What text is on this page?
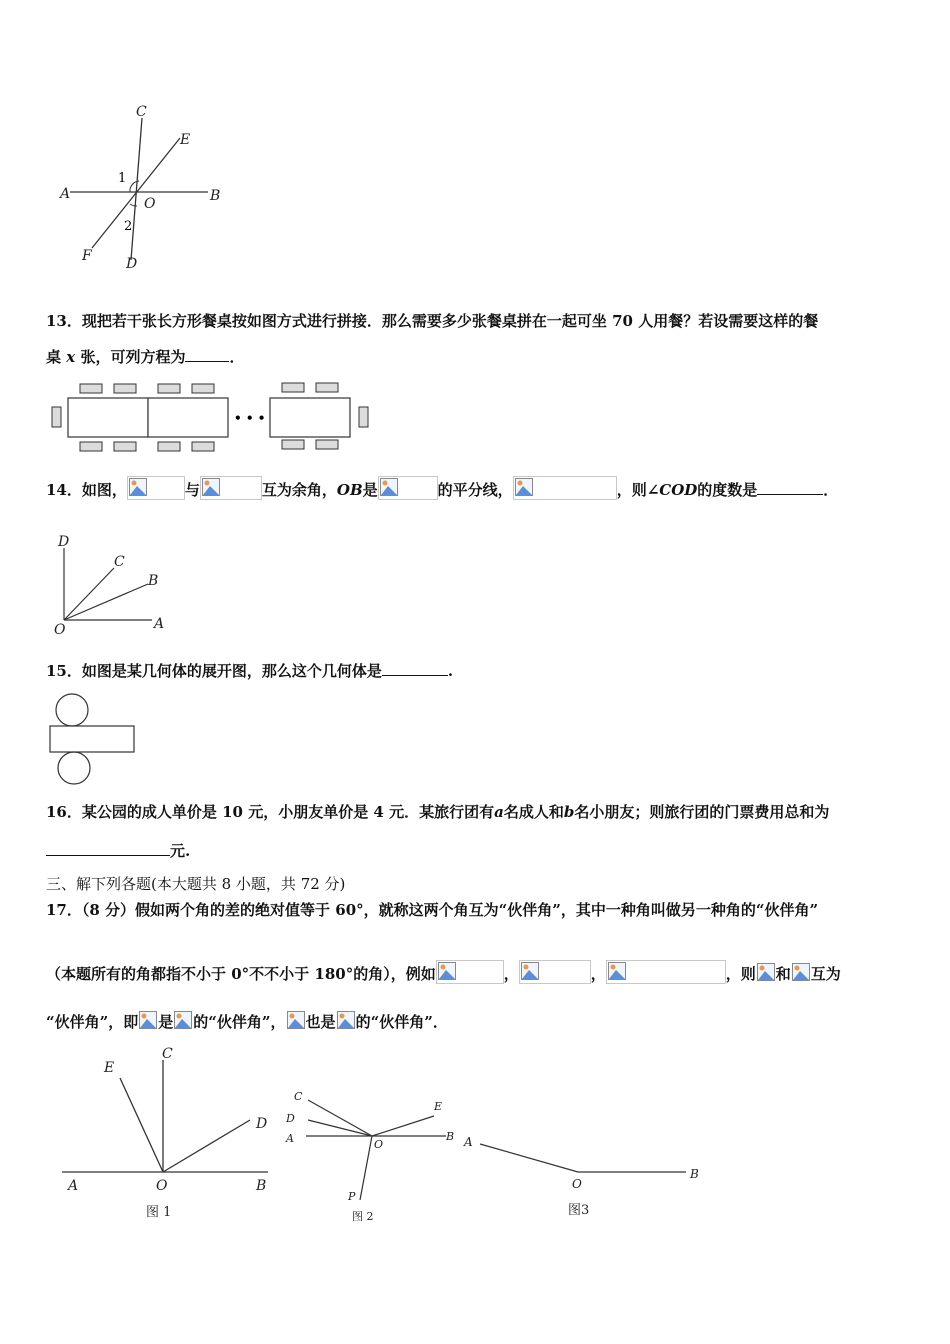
C
E
A	B
O
F D
1
2
13．现把若干张长方形餐桌按如图方式进行拼接．那么需要多少张餐桌拼在一起可坐 70 人用餐？若设需要这样的餐
桌 x 张，可列方程为	．
• • •
14．如图，	与	互为余角，OB是	的平分线，	，则∠COD的度数是	．
D
C
B
O	A
15．如图是某几何体的展开图，那么这个几何体是	.
16．某公园的成人单价是 10 元，小朋友单价是 4 元．某旅行团有a名成人和b名小朋友；则旅行团的门票费用总和为
元.
三、解下列各题(本大题共 8 小题，共 72 分)
17．（8 分）假如两个角的差的绝对值等于 60°，就称这两个角互为“伙伴角”，其中一种角叫做另一种角的“伙伴角”
（本题所有的角都指不小于 0°不不小于 180°的角），例如	，	，	，则 和 互为
“伙伴角”，即 是 的“伙伴角”， 也是 的“伙伴角”．
E
C
D
A	O	B
图 1
C
D
A	O
E
B
P
图 2
A
O
B
图3
